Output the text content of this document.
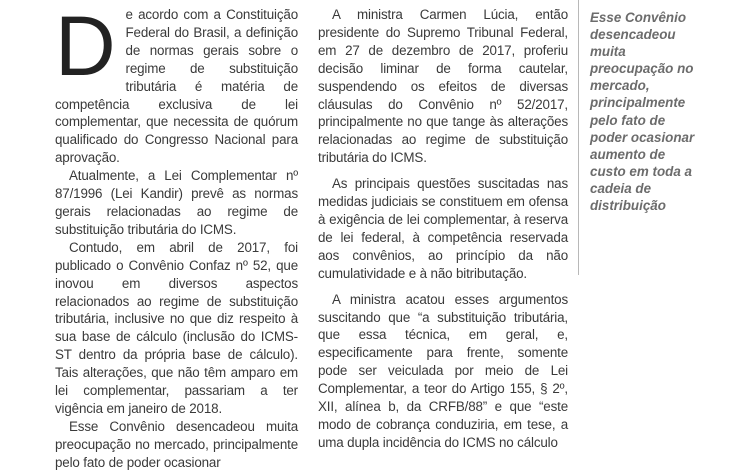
De acordo com a Constituição Federal do Brasil, a definição de normas gerais sobre o regime de substituição tributária é matéria de competência exclusiva de lei complementar, que necessita de quórum qualificado do Congresso Nacional para aprovação.

Atualmente, a Lei Complementar nº 87/1996 (Lei Kandir) prevê as normas gerais relacionadas ao regime de substituição tributária do ICMS.

Contudo, em abril de 2017, foi publicado o Convênio Confaz nº 52, que inovou em diversos aspectos relacionados ao regime de substituição tributária, inclusive no que diz respeito à sua base de cálculo (inclusão do ICMS-ST dentro da própria base de cálculo). Tais alterações, que não têm amparo em lei complementar, passariam a ter vigência em janeiro de 2018.

Esse Convênio desencadeou muita preocupação no mercado, principalmente pelo fato de poder ocasionar

A ministra Carmen Lúcia, então presidente do Supremo Tribunal Federal, em 27 de dezembro de 2017, proferiu decisão liminar de forma cautelar, suspendendo os efeitos de diversas cláusulas do Convênio nº 52/2017, principalmente no que tange às alterações relacionadas ao regime de substituição tributária do ICMS.

As principais questões suscitadas nas medidas judiciais se constituem em ofensa à exigência de lei complementar, à reserva de lei federal, à competência reservada aos convênios, ao princípio da não cumulatividade e à não bitributação.

A ministra acatou esses argumentos suscitando que “a substituição tributária, que essa técnica, em geral, e, especificamente para frente, somente pode ser veiculada por meio de Lei Complementar, a teor do Artigo 155, § 2º, XII, alínea b, da CRFB/88” e que “este modo de cobrança conduziria, em tese, a uma dupla incidência do ICMS no cálculo

Esse Convênio desencadeou muita preocupação no mercado, principalmente pelo fato de poder ocasionar aumento de custo em toda a cadeia de distribuição
